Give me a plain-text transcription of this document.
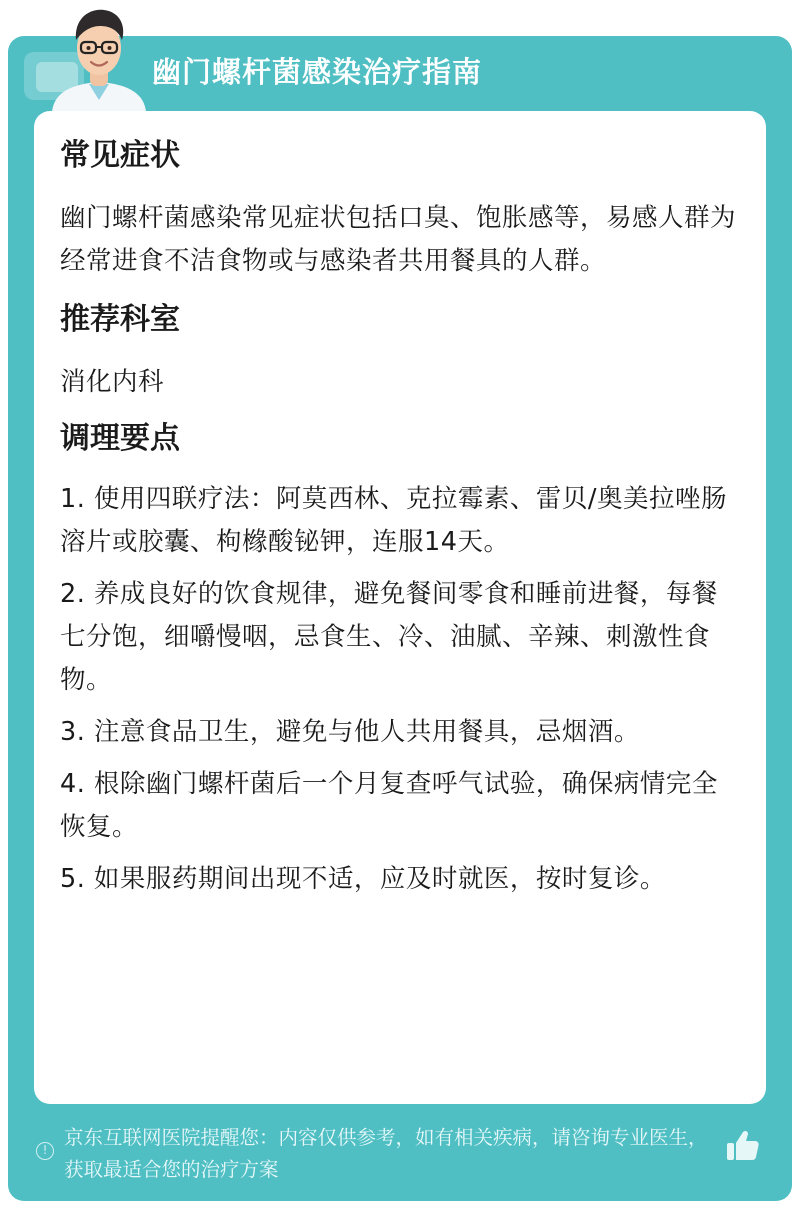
幽门螺杆菌感染治疗指南
常见症状
幽门螺杆菌感染常见症状包括口臭、饱胀感等，易感人群为经常进食不洁食物或与感染者共用餐具的人群。
推荐科室
消化内科
调理要点
1. 使用四联疗法：阿莫西林、克拉霉素、雷贝/奥美拉唑肠溶片或胶囊、枸橼酸铋钾，连服14天。
2. 养成良好的饮食规律，避免餐间零食和睡前进餐，每餐七分饱，细嚼慢咽，忌食生、冷、油腻、辛辣、刺激性食物。
3. 注意食品卫生，避免与他人共用餐具，忌烟酒。
4. 根除幽门螺杆菌后一个月复查呼气试验，确保病情完全恢复。
5. 如果服药期间出现不适，应及时就医，按时复诊。
!
京东互联网医院提醒您：内容仅供参考，如有相关疾病，请咨询专业医生，获取最适合您的治疗方案
